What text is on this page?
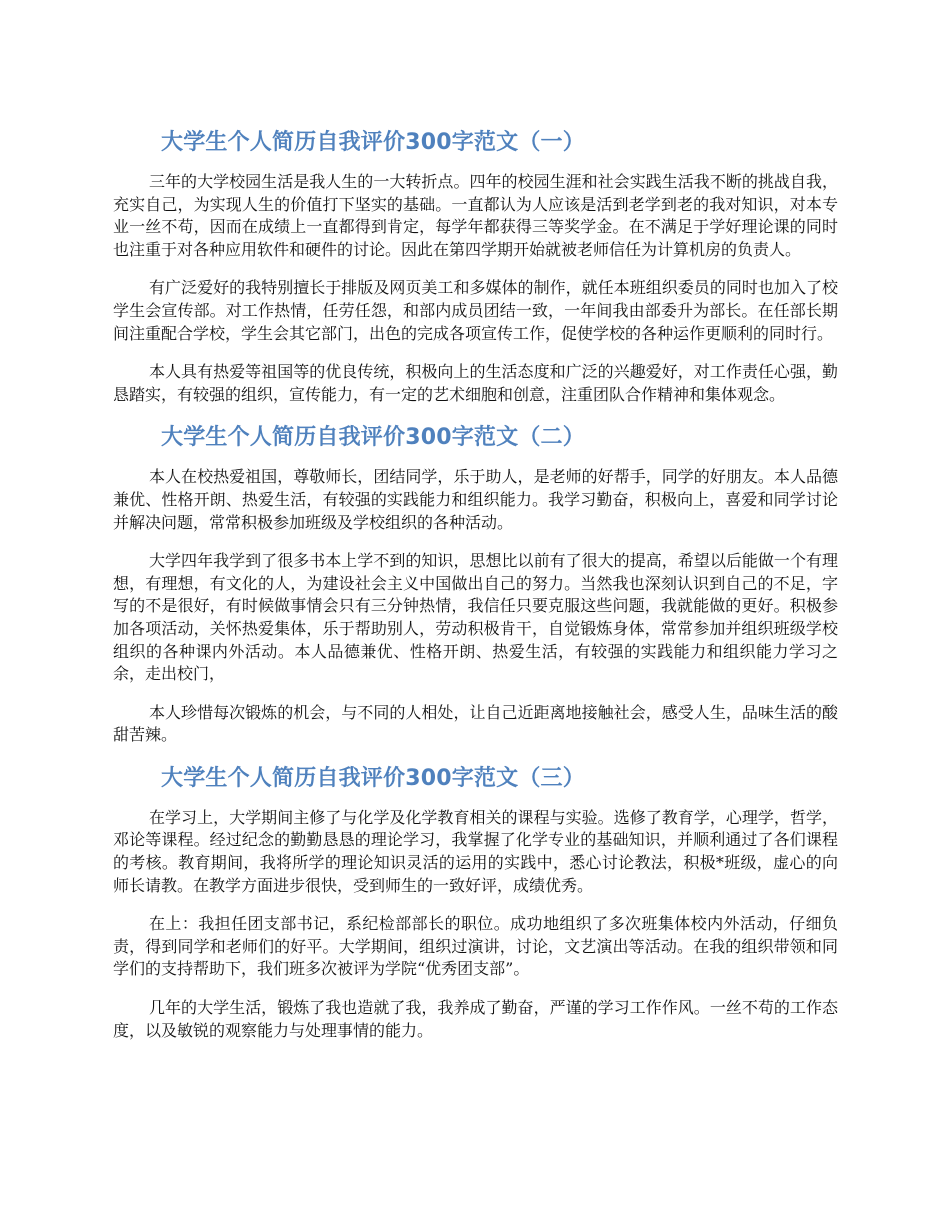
大学生个人简历自我评价300字范文（一）

三年的大学校园生活是我人生的一大转折点。四年的校园生涯和社会实践生活我不断的挑战自我，充实自己，为实现人生的价值打下坚实的基础。一直都认为人应该是活到老学到老的我对知识，对本专业一丝不苟，因而在成绩上一直都得到肯定，每学年都获得三等奖学金。在不满足于学好理论课的同时也注重于对各种应用软件和硬件的讨论。因此在第四学期开始就被老师信任为计算机房的负责人。

有广泛爱好的我特别擅长于排版及网页美工和多媒体的制作，就任本班组织委员的同时也加入了校学生会宣传部。对工作热情，任劳任怨，和部内成员团结一致，一年间我由部委升为部长。在任部长期间注重配合学校，学生会其它部门，出色的完成各项宣传工作，促使学校的各种运作更顺利的同时行。

本人具有热爱等祖国等的优良传统，积极向上的生活态度和广泛的兴趣爱好，对工作责任心强，勤恳踏实，有较强的组织，宣传能力，有一定的艺术细胞和创意，注重团队合作精神和集体观念。

大学生个人简历自我评价300字范文（二）

本人在校热爱祖国，尊敬师长，团结同学，乐于助人，是老师的好帮手，同学的好朋友。本人品德兼优、性格开朗、热爱生活，有较强的实践能力和组织能力。我学习勤奋，积极向上，喜爱和同学讨论并解决问题，常常积极参加班级及学校组织的各种活动。

大学四年我学到了很多书本上学不到的知识，思想比以前有了很大的提高，希望以后能做一个有理想，有理想，有文化的人，为建设社会主义中国做出自己的努力。当然我也深刻认识到自己的不足，字写的不是很好，有时候做事情会只有三分钟热情，我信任只要克服这些问题，我就能做的更好。积极参加各项活动，关怀热爱集体，乐于帮助别人，劳动积极肯干，自觉锻炼身体，常常参加并组织班级学校组织的各种课内外活动。本人品德兼优、性格开朗、热爱生活，有较强的实践能力和组织能力学习之余，走出校门，

本人珍惜每次锻炼的机会，与不同的人相处，让自己近距离地接触社会，感受人生，品味生活的酸甜苦辣。

大学生个人简历自我评价300字范文（三）

在学习上，大学期间主修了与化学及化学教育相关的课程与实验。选修了教育学，心理学，哲学，邓论等课程。经过纪念的勤勤恳恳的理论学习，我掌握了化学专业的基础知识，并顺利通过了各们课程的考核。教育期间，我将所学的理论知识灵活的运用的实践中，悉心讨论教法，积极*班级，虚心的向师长请教。在教学方面进步很快，受到师生的一致好评，成绩优秀。

在上：我担任团支部书记，系纪检部部长的职位。成功地组织了多次班集体校内外活动，仔细负责，得到同学和老师们的好平。大学期间，组织过演讲，讨论，文艺演出等活动。在我的组织带领和同学们的支持帮助下，我们班多次被评为学院“优秀团支部”。

几年的大学生活，锻炼了我也造就了我，我养成了勤奋，严谨的学习工作作风。一丝不苟的工作态度，以及敏锐的观察能力与处理事情的能力。
